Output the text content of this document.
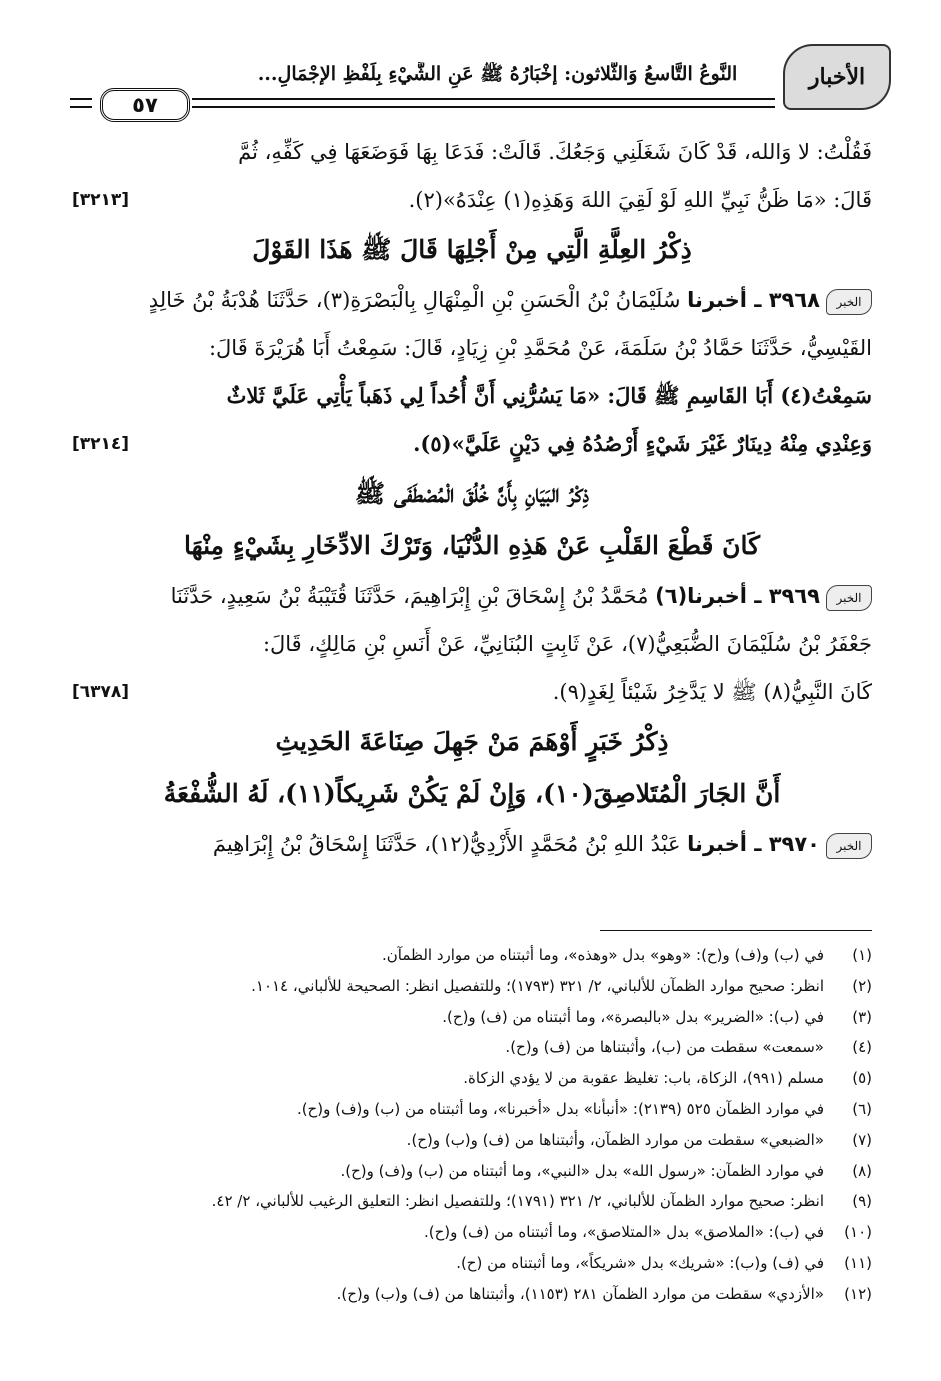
الأخبار
النَّوعُ التَّاسعُ وَالثَّلاثون: إخْبَارُهُ ﷺ عَنِ الشَّيْءِ بِلَفْظِ الإجْمَالِ...
٥٧
فَقُلْتُ: لا وَالله، قَدْ كَانَ شَغَلَنِي وَجَعُكَ. قَالَتْ: فَدَعَا بِهَا فَوَضَعَهَا فِي كَفِّهِ، ثُمَّ
قَالَ: «مَا ظَنُّ نَبِيِّ اللهِ لَوْ لَقِيَ اللهَ وَهَذِهِ(١) عِنْدَهُ»(٢).
[٣٢١٣]
ذِكْرُ العِلَّةِ الَّتِي مِنْ أَجْلِهَا قَالَ ﷺ هَذَا القَوْلَ
الخبر٣٩٦٨ ـ أخبرنا سُلَيْمَانُ بْنُ الْحَسَنِ بْنِ الْمِنْهَالِ بِالْبَصْرَةِ(٣)، حَدَّثَنَا هُدْبَةُ بْنُ خَالِدٍ
القَيْسِيُّ، حَدَّثَنَا حَمَّادُ بْنُ سَلَمَةَ، عَنْ مُحَمَّدِ بْنِ زِيَادٍ، قَالَ: سَمِعْتُ أَبَا هُرَيْرَةَ قَالَ:
سَمِعْتُ(٤) أَبَا القَاسِمِ ﷺ قَالَ: «مَا يَسُرُّنِي أَنَّ أُحُداً لِي ذَهَباً يَأْتِي عَلَيَّ ثَلاثٌ
وَعِنْدِي مِنْهُ دِينَارٌ غَيْرَ شَيْءٍ أَرْصُدُهُ فِي دَيْنٍ عَلَيَّ»(٥).
[٣٢١٤]
ذِكْرُ البَيَانِ بِأَنَّ خُلُقَ الْمُصْطَفَى ﷺ
كَانَ قَطْعَ القَلْبِ عَنْ هَذِهِ الدُّنْيَا، وَتَرْكَ الادِّخَارِ بِشَيْءٍ مِنْهَا
الخبر٣٩٦٩ ـ أخبرنا(٦) مُحَمَّدُ بْنُ إِسْحَاقَ بْنِ إِبْرَاهِيمَ، حَدَّثَنَا قُتَيْبَةُ بْنُ سَعِيدٍ، حَدَّثَنَا
جَعْفَرُ بْنُ سُلَيْمَانَ الضُّبَعِيُّ(٧)، عَنْ ثَابِتٍ البُنَانِيِّ، عَنْ أَنَسِ بْنِ مَالِكٍ، قَالَ:
كَانَ النَّبِيُّ(٨) ﷺ لا يَدَّخِرُ شَيْئاً لِغَدٍ(٩).
[٦٣٧٨]
ذِكْرُ خَبَرٍ أَوْهَمَ مَنْ جَهِلَ صِنَاعَةَ الحَدِيثِ
أَنَّ الجَارَ الْمُتَلاصِقَ(١٠)، وَإِنْ لَمْ يَكُنْ شَرِيكاً(١١)، لَهُ الشُّفْعَةُ
الخبر٣٩٧٠ ـ أخبرنا عَبْدُ اللهِ بْنُ مُحَمَّدٍ الأَزْدِيُّ(١٢)، حَدَّثَنَا إِسْحَاقُ بْنُ إِبْرَاهِيمَ
(١)
في (ب) و(ف) و(ح): «وهو» بدل «وهذه»، وما أثبتناه من موارد الظمآن.
(٢)
انظر: صحيح موارد الظمآن للألباني، ٢/ ٣٢١ (١٧٩٣)؛ وللتفصيل انظر: الصحيحة للألباني، ١٠١٤.
(٣)
في (ب): «الضرير» بدل «بالبصرة»، وما أثبتناه من (ف) و(ح).
(٤)
«سمعت» سقطت من (ب)، وأثبتناها من (ف) و(ح).
(٥)
مسلم (٩٩١)، الزكاة، باب: تغليظ عقوبة من لا يؤدي الزكاة.
(٦)
في موارد الظمآن ٥٢٥ (٢١٣٩): «أنبأنا» بدل «أخبرنا»، وما أثبتناه من (ب) و(ف) و(ح).
(٧)
«الضبعي» سقطت من موارد الظمآن، وأثبتناها من (ف) و(ب) و(ح).
(٨)
في موارد الظمآن: «رسول الله» بدل «النبي»، وما أثبتناه من (ب) و(ف) و(ح).
(٩)
انظر: صحيح موارد الظمآن للألباني، ٢/ ٣٢١ (١٧٩١)؛ وللتفصيل انظر: التعليق الرغيب للألباني، ٢/ ٤٢.
(١٠)
في (ب): «الملاصق» بدل «المتلاصق»، وما أثبتناه من (ف) و(ح).
(١١)
في (ف) و(ب): «شريك» بدل «شريكاً»، وما أثبتناه من (ح).
(١٢)
«الأزدي» سقطت من موارد الظمآن ٢٨١ (١١٥٣)، وأثبتناها من (ف) و(ب) و(ح).
